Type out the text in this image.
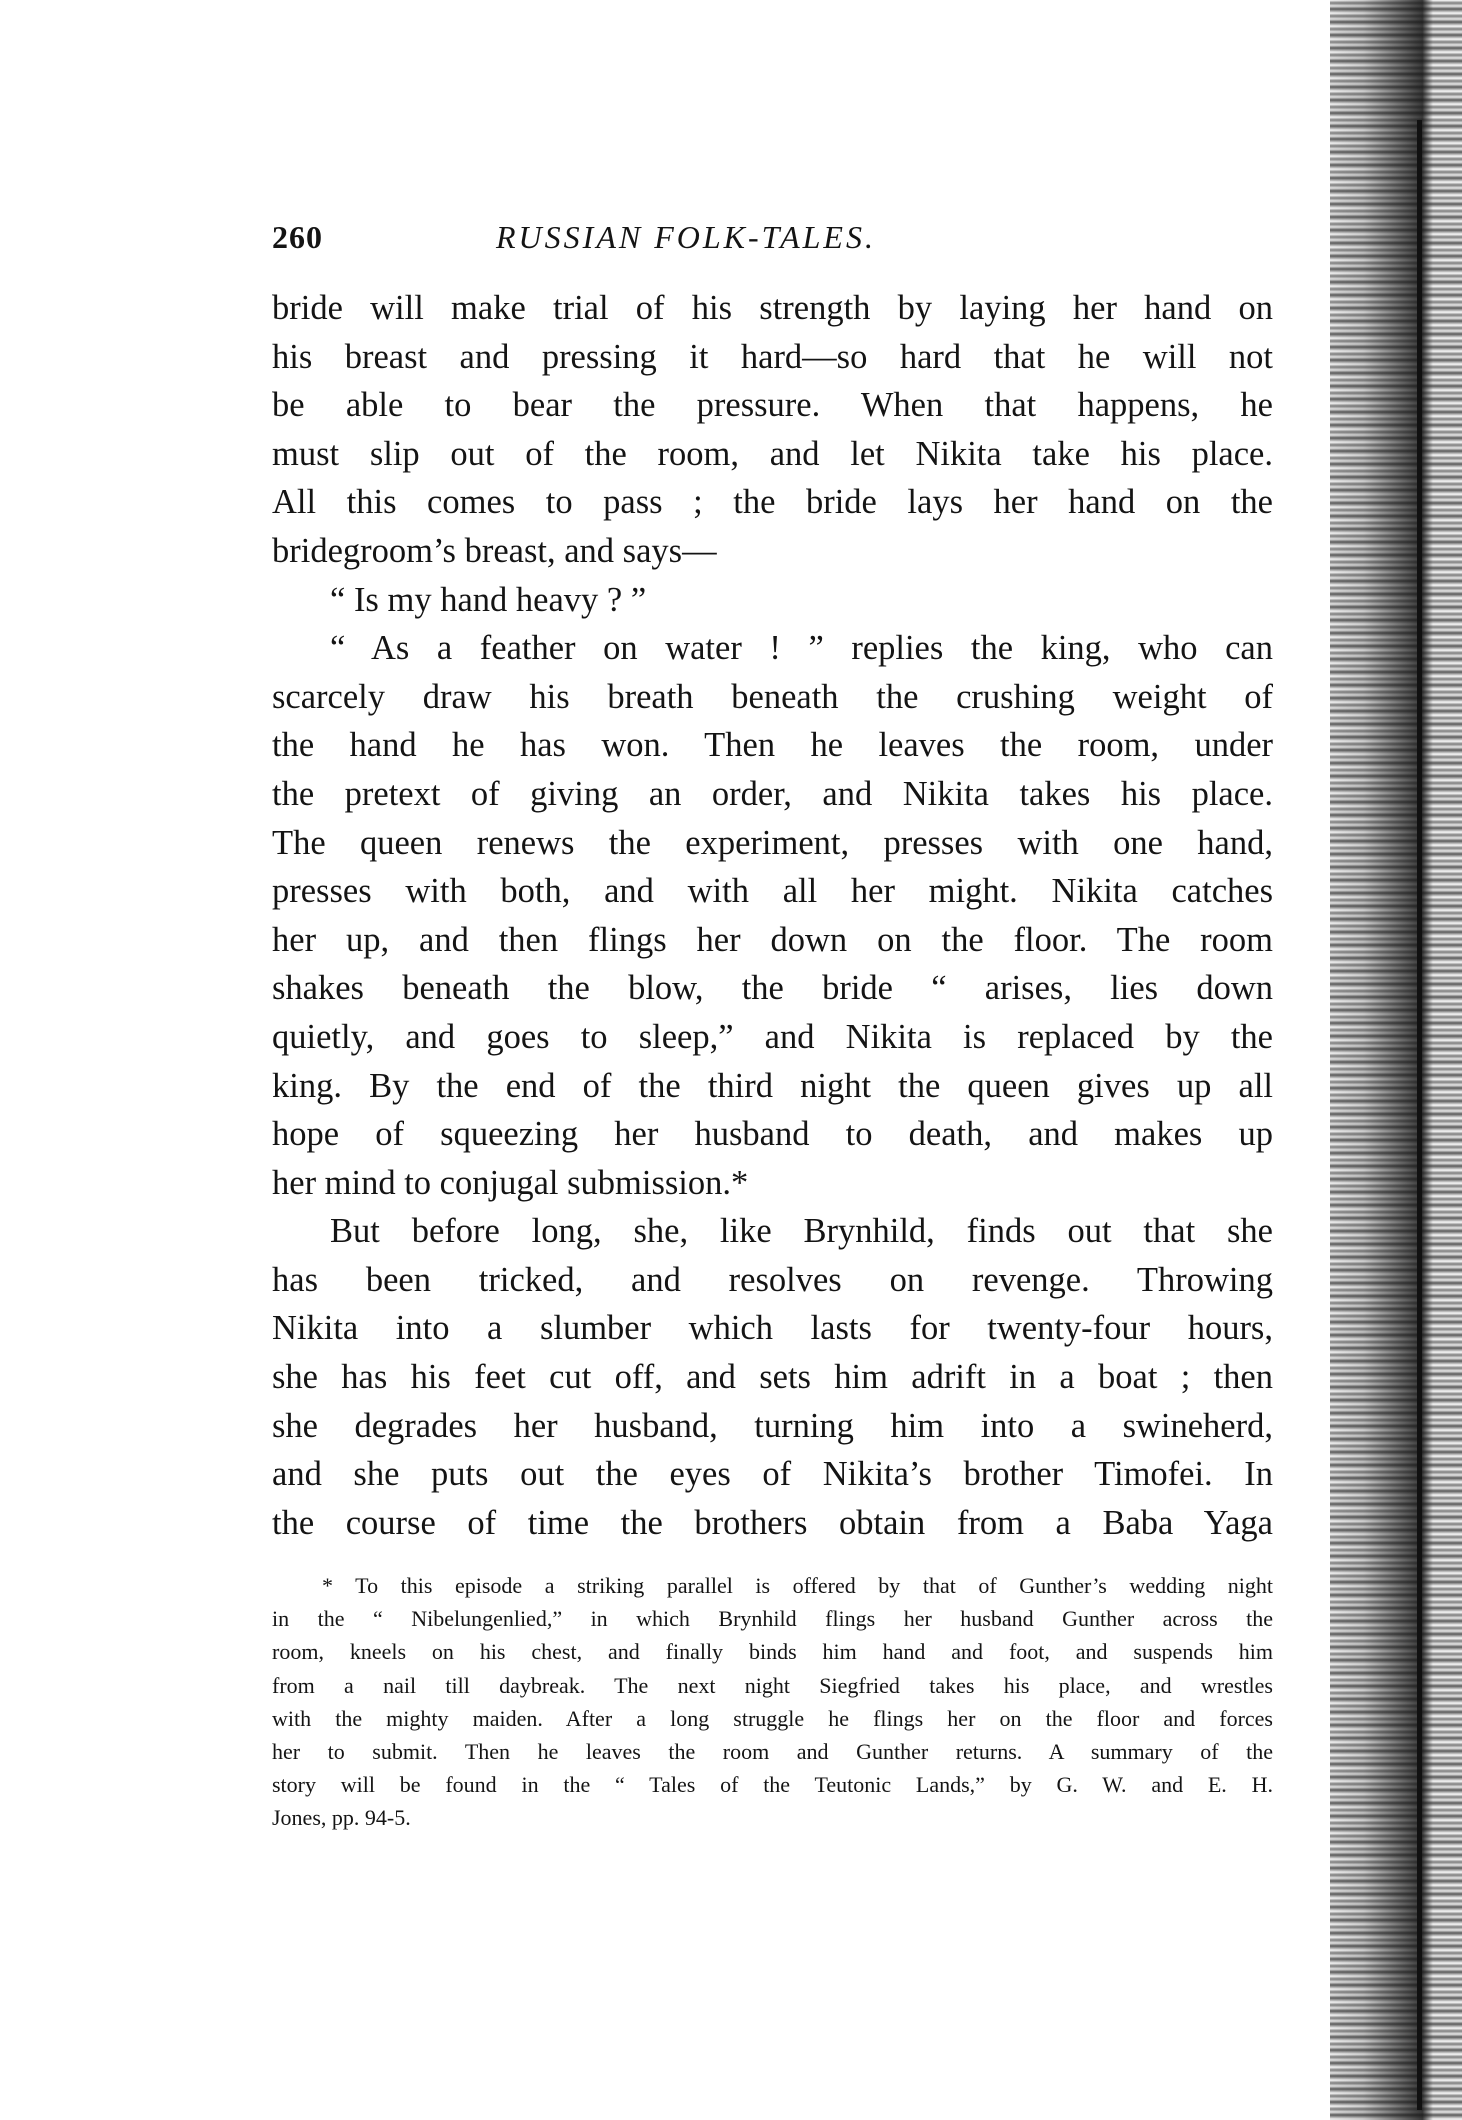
260	RUSSIAN FOLK-TALES.
bride will make trial of his strength by laying her hand on
his breast and pressing it hard—so hard that he will not
be able to bear the pressure. When that happens, he
must slip out of the room, and let Nikita take his place.
All this comes to pass ; the bride lays her hand on the
bridegroom’s breast, and says—
“ Is my hand heavy ? ”
“ As a feather on water ! ” replies the king, who can
scarcely draw his breath beneath the crushing weight of
the hand he has won. Then he leaves the room, under
the pretext of giving an order, and Nikita takes his place.
The queen renews the experiment, presses with one hand,
presses with both, and with all her might. Nikita catches
her up, and then flings her down on the floor. The room
shakes beneath the blow, the bride “ arises, lies down
quietly, and goes to sleep,” and Nikita is replaced by the
king. By the end of the third night the queen gives up all
hope of squeezing her husband to death, and makes up
her mind to conjugal submission.*
But before long, she, like Brynhild, finds out that she
has been tricked, and resolves on revenge. Throwing
Nikita into a slumber which lasts for twenty-four hours,
she has his feet cut off, and sets him adrift in a boat ; then
she degrades her husband, turning him into a swineherd,
and she puts out the eyes of Nikita’s brother Timofei. In
the course of time the brothers obtain from a Baba Yaga
* To this episode a striking parallel is offered by that of Gunther’s wedding night
in the “ Nibelungenlied,” in which Brynhild flings her husband Gunther across the
room, kneels on his chest, and finally binds him hand and foot, and suspends him
from a nail till daybreak. The next night Siegfried takes his place, and wrestles
with the mighty maiden. After a long struggle he flings her on the floor and forces
her to submit. Then he leaves the room and Gunther returns. A summary of the
story will be found in the “ Tales of the Teutonic Lands,” by G. W. and E. H.
Jones, pp. 94-5.
